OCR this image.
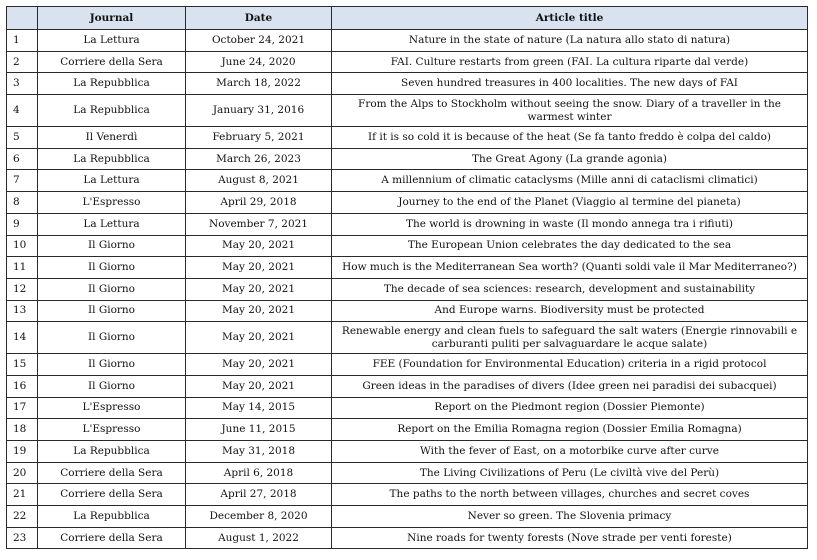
	Journal	Date	Article title
1	La Lettura	October 24, 2021	Nature in the state of nature (La natura allo stato di natura)
2	Corriere della Sera	June 24, 2020	FAI. Culture restarts from green (FAI. La cultura riparte dal verde)
3	La Repubblica	March 18, 2022	Seven hundred treasures in 400 localities. The new days of FAI
4	La Repubblica	January 31, 2016	From the Alps to Stockholm without seeing the snow. Diary of a traveller in the warmest winter
5	Il Venerdì	February 5, 2021	If it is so cold it is because of the heat (Se fa tanto freddo è colpa del caldo)
6	La Repubblica	March 26, 2023	The Great Agony (La grande agonia)
7	La Lettura	August 8, 2021	A millennium of climatic cataclysms (Mille anni di cataclismi climatici)
8	L'Espresso	April 29, 2018	Journey to the end of the Planet (Viaggio al termine del pianeta)
9	La Lettura	November 7, 2021	The world is drowning in waste (Il mondo annega tra i rifiuti)
10	Il Giorno	May 20, 2021	The European Union celebrates the day dedicated to the sea
11	Il Giorno	May 20, 2021	How much is the Mediterranean Sea worth? (Quanti soldi vale il Mar Mediterraneo?)
12	Il Giorno	May 20, 2021	The decade of sea sciences: research, development and sustainability
13	Il Giorno	May 20, 2021	And Europe warns. Biodiversity must be protected
14	Il Giorno	May 20, 2021	Renewable energy and clean fuels to safeguard the salt waters (Energie rinnovabili e carburanti puliti per salvaguardare le acque salate)
15	Il Giorno	May 20, 2021	FEE (Foundation for Environmental Education) criteria in a rigid protocol
16	Il Giorno	May 20, 2021	Green ideas in the paradises of divers (Idee green nei paradisi dei subacquei)
17	L'Espresso	May 14, 2015	Report on the Piedmont region (Dossier Piemonte)
18	L'Espresso	June 11, 2015	Report on the Emilia Romagna region (Dossier Emilia Romagna)
19	La Repubblica	May 31, 2018	With the fever of East, on a motorbike curve after curve
20	Corriere della Sera	April 6, 2018	The Living Civilizations of Peru (Le civiltà vive del Perù)
21	Corriere della Sera	April 27, 2018	The paths to the north between villages, churches and secret coves
22	La Repubblica	December 8, 2020	Never so green. The Slovenia primacy
23	Corriere della Sera	August 1, 2022	Nine roads for twenty forests (Nove strade per venti foreste)
